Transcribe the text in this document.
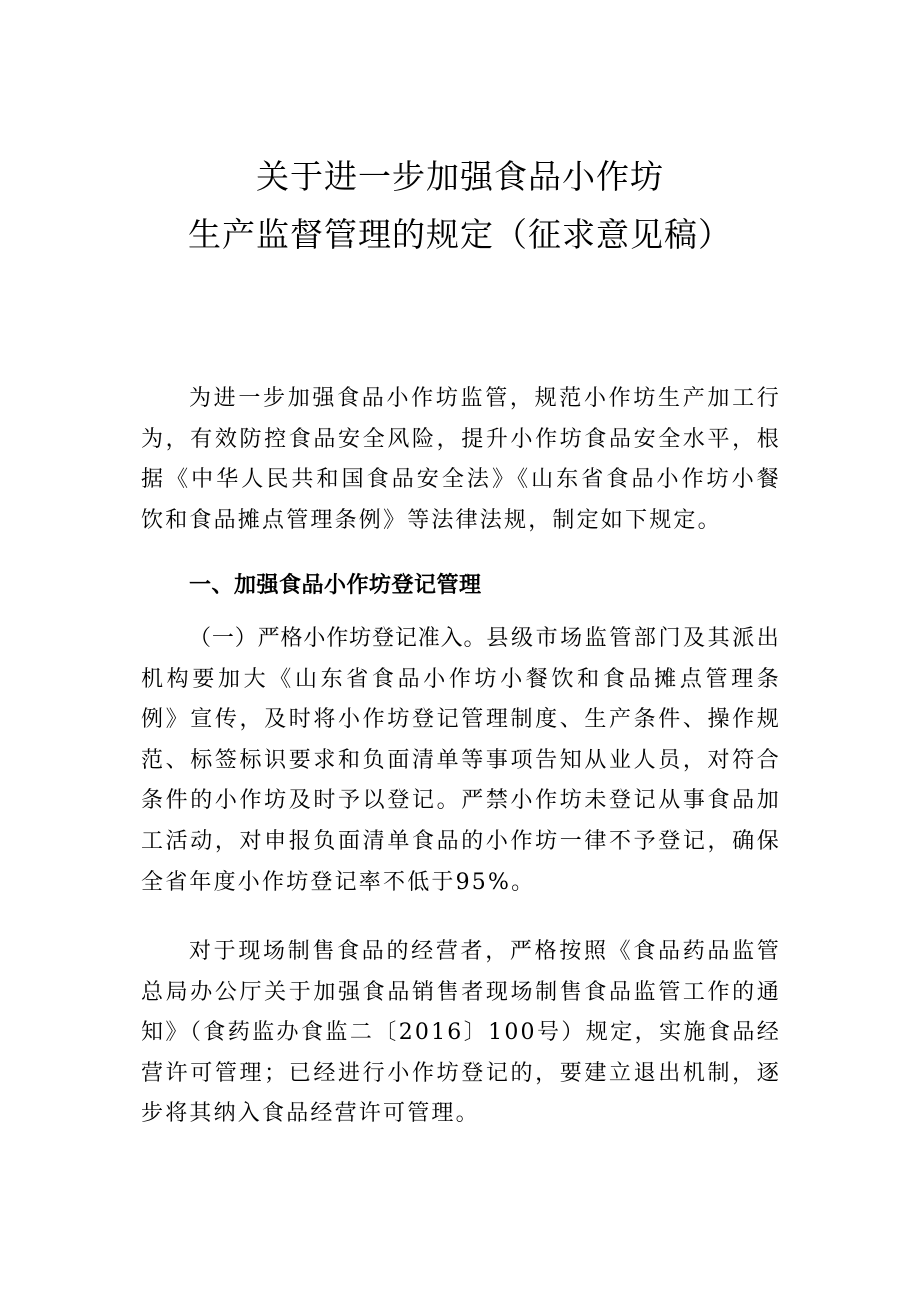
关于进一步加强食品小作坊
生产监督管理的规定（征求意见稿）

为进一步加强食品小作坊监管，规范小作坊生产加工行为，有效防控食品安全风险，提升小作坊食品安全水平，根据《中华人民共和国食品安全法》《山东省食品小作坊小餐饮和食品摊点管理条例》等法律法规，制定如下规定。

一、加强食品小作坊登记管理

（一）严格小作坊登记准入。县级市场监管部门及其派出机构要加大《山东省食品小作坊小餐饮和食品摊点管理条例》宣传，及时将小作坊登记管理制度、生产条件、操作规范、标签标识要求和负面清单等事项告知从业人员，对符合条件的小作坊及时予以登记。严禁小作坊未登记从事食品加工活动，对申报负面清单食品的小作坊一律不予登记，确保全省年度小作坊登记率不低于95%。

对于现场制售食品的经营者，严格按照《食品药品监管总局办公厅关于加强食品销售者现场制售食品监管工作的通知》（食药监办食监二〔2016〕100号）规定，实施食品经营许可管理；已经进行小作坊登记的，要建立退出机制，逐步将其纳入食品经营许可管理。
